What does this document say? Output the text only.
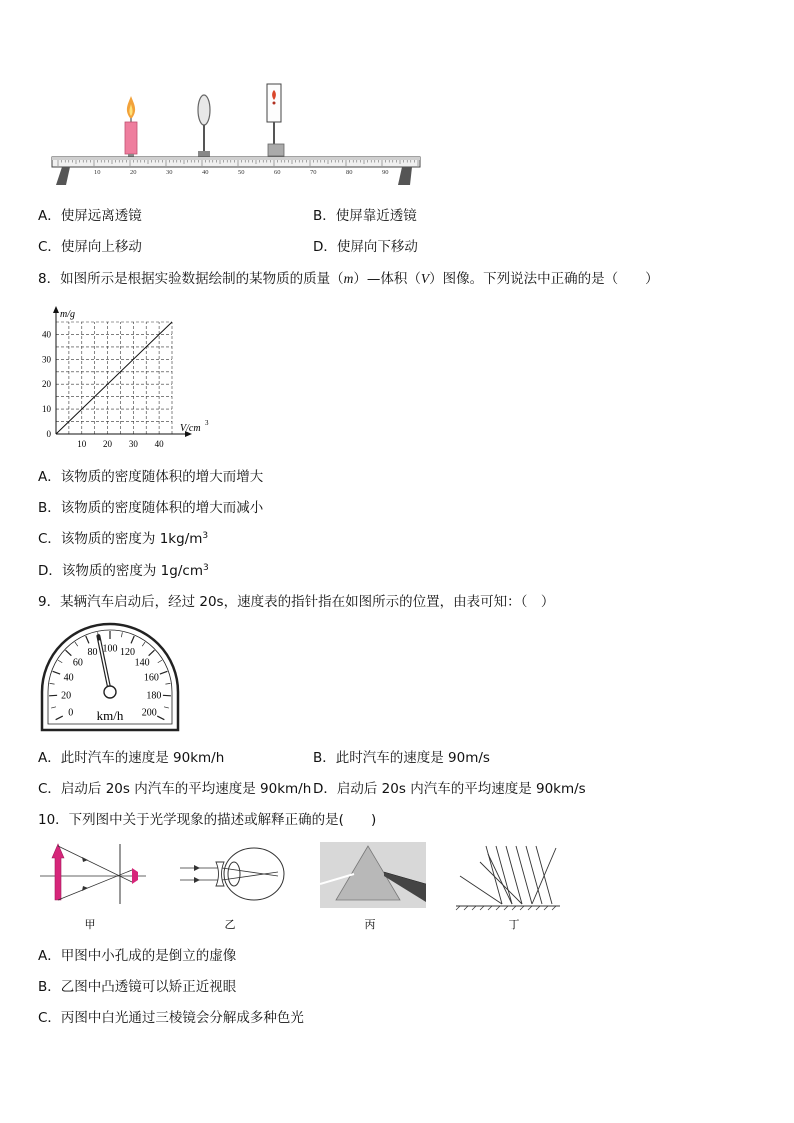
10	20	30	40	50	60	70	80	90
A．使屏远离透镜	B．使屏靠近透镜
C．使屏向上移动	D．使屏向下移动
8．如图所示是根据实验数据绘制的某物质的质量（m）—体积（V）图像。下列说法中正确的是（　　）
m/g
V/cm 3
10 20 30 40
0
10
20
30
40
A．该物质的密度随体积的增大而增大
B．该物质的密度随体积的增大而减小
C．该物质的密度为 $1kg/m^3$
D．该物质的密度为 $1g/cm^3$
9．某辆汽车启动后，经过 20s，速度表的指针指在如图所示的位置，由表可知：（　）
0
20
40
60
80 100 120
140
160
180
200
km/h
A．此时汽车的速度是 90km/h	B．此时汽车的速度是 90m/s
C．启动后 20s 内汽车的平均速度是 90km/h D．启动后 20s 内汽车的平均速度是 90km/s
10．下列图中关于光学现象的描述或解释正确的是(　　)
甲	乙	丙	丁
A．甲图中小孔成的是倒立的虚像
B．乙图中凸透镜可以矫正近视眼
C．丙图中白光通过三棱镜会分解成多种色光
